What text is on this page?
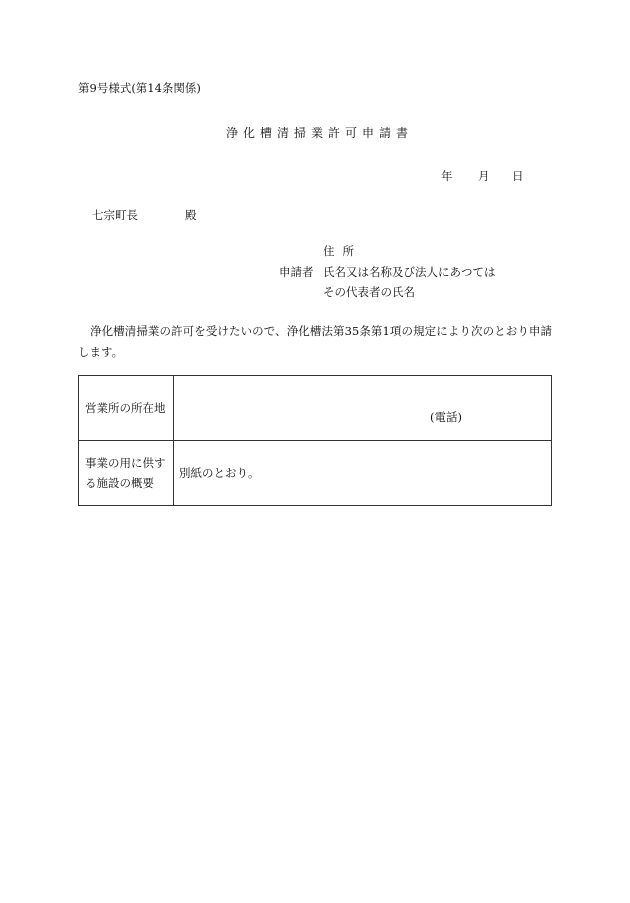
第9号様式(第14条関係)
浄化槽清掃業許可申請書
年 月 日
七宗町長	殿
住所
申請者 氏名又は名称及び法人にあつては
その代表者の氏名
浄化槽清掃業の許可を受けたいので、浄化槽法第35条第1項の規定により次のとおり申請します。
営業所の所在地	(電話)

事業の用に供する施設の概要	別紙のとおり。
